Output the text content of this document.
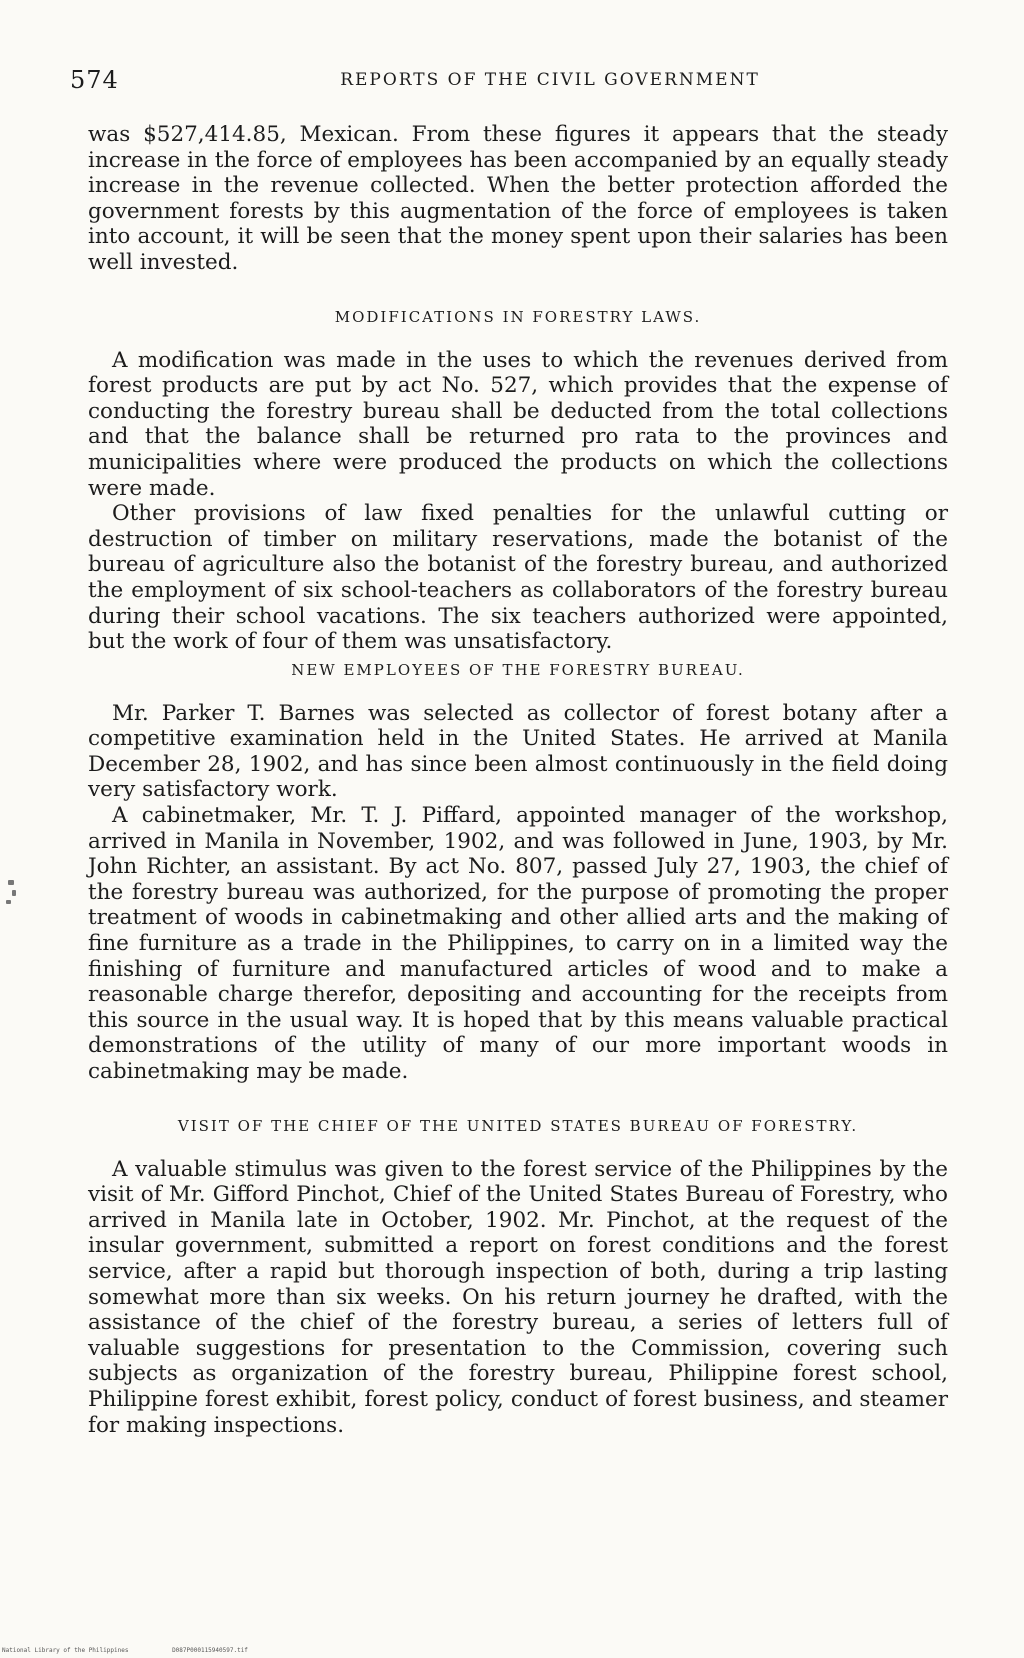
574	REPORTS OF THE CIVIL GOVERNMENT

was $527,414.85, Mexican. From these figures it appears that the steady increase in the force of employees has been accompanied by an equally steady increase in the revenue collected. When the better protection afforded the government forests by this augmentation of the force of employees is taken into account, it will be seen that the money spent upon their salaries has been well invested.

MODIFICATIONS IN FORESTRY LAWS.

A modification was made in the uses to which the revenues derived from forest products are put by act No. 527, which provides that the expense of conducting the forestry bureau shall be deducted from the total collections and that the balance shall be returned pro rata to the provinces and municipalities where were produced the products on which the collections were made.

Other provisions of law fixed penalties for the unlawful cutting or destruction of timber on military reservations, made the botanist of the bureau of agriculture also the botanist of the forestry bureau, and authorized the employment of six school-teachers as collaborators of the forestry bureau during their school vacations. The six teachers authorized were appointed, but the work of four of them was unsatisfactory.

NEW EMPLOYEES OF THE FORESTRY BUREAU.

Mr. Parker T. Barnes was selected as collector of forest botany after a competitive examination held in the United States. He arrived at Manila December 28, 1902, and has since been almost continuously in the field doing very satisfactory work.

A cabinetmaker, Mr. T. J. Piffard, appointed manager of the workshop, arrived in Manila in November, 1902, and was followed in June, 1903, by Mr. John Richter, an assistant. By act No. 807, passed July 27, 1903, the chief of the forestry bureau was authorized, for the purpose of promoting the proper treatment of woods in cabinetmaking and other allied arts and the making of fine furniture as a trade in the Philippines, to carry on in a limited way the finishing of furniture and manufactured articles of wood and to make a reasonable charge therefor, depositing and accounting for the receipts from this source in the usual way. It is hoped that by this means valuable practical demonstrations of the utility of many of our more important woods in cabinetmaking may be made.

VISIT OF THE CHIEF OF THE UNITED STATES BUREAU OF FORESTRY.

A valuable stimulus was given to the forest service of the Philippines by the visit of Mr. Gifford Pinchot, Chief of the United States Bureau of Forestry, who arrived in Manila late in October, 1902. Mr. Pinchot, at the request of the insular government, submitted a report on forest conditions and the forest service, after a rapid but thorough inspection of both, during a trip lasting somewhat more than six weeks. On his return journey he drafted, with the assistance of the chief of the forestry bureau, a series of letters full of valuable suggestions for presentation to the Commission, covering such subjects as organization of the forestry bureau, Philippine forest school, Philippine forest exhibit, forest policy, conduct of forest business, and steamer for making inspections.

National Library of the Philippines	D087P000115940597.tif
